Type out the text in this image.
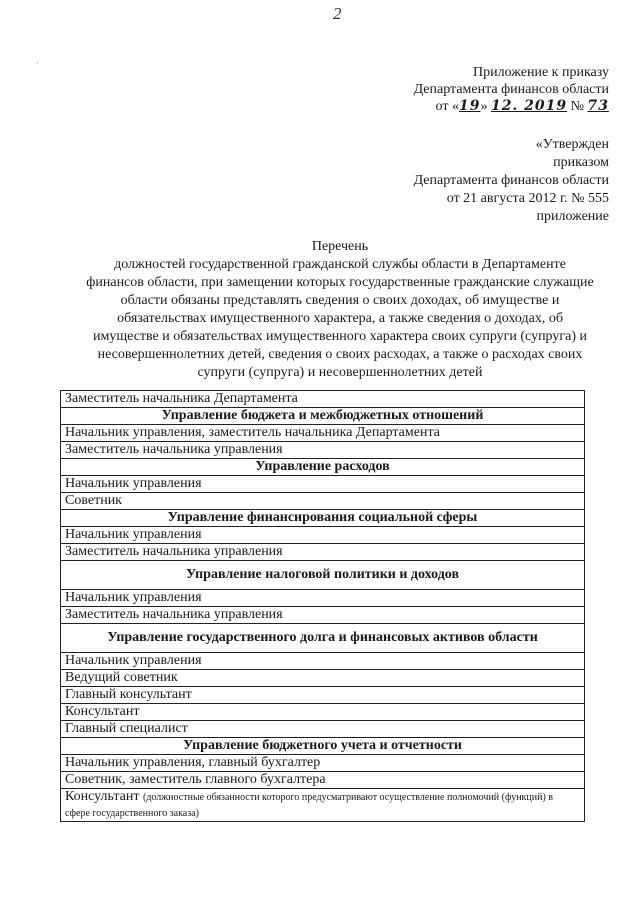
2
·
Приложение к приказу
Департамента финансов области
от «19» 12. 2019 № 73
«Утвержден
приказом
Департамента финансов области
от 21 августа 2012 г. № 555
приложение
Перечень
должностей государственной гражданской службы области в Департаменте
финансов области, при замещении которых государственные гражданские служащие
области обязаны представлять сведения о своих доходах, об имуществе и
обязательствах имущественного характера, а также сведения о доходах, об
имуществе и обязательствах имущественного характера своих супруги (супруга) и
несовершеннолетних детей, сведения о своих расходах, а также о расходах своих
супруги (супруга) и несовершеннолетних детей
Заместитель начальника Департамента
Управление бюджета и межбюджетных отношений
Начальник управления, заместитель начальника Департамента
Заместитель начальника управления
Управление расходов
Начальник управления
Советник
Управление финансирования социальной сферы
Начальник управления
Заместитель начальника управления
Управление налоговой политики и доходов
Начальник управления
Заместитель начальника управления
Управление государственного долга и финансовых активов области
Начальник управления
Ведущий советник
Главный консультант
Консультант
Главный специалист
Управление бюджетного учета и отчетности
Начальник управления, главный бухгалтер
Советник, заместитель главного бухгалтера
Консультант (должностные обязанности которого предусматривают осуществление полномочий (функций) в сфере государственного заказа)
